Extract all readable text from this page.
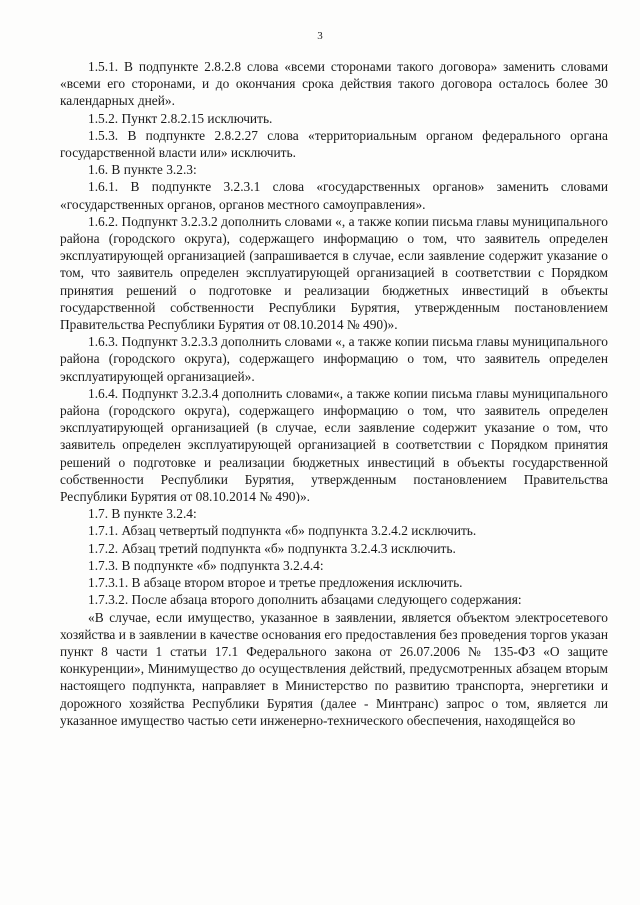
3

1.5.1. В подпункте 2.8.2.8 слова «всеми сторонами такого договора» заменить словами «всеми его сторонами, и до окончания срока действия такого договора осталось более 30 календарных дней».

1.5.2. Пункт 2.8.2.15 исключить.

1.5.3. В подпункте 2.8.2.27 слова «территориальным органом федерального органа государственной власти или» исключить.

1.6. В пункте 3.2.3:

1.6.1. В подпункте 3.2.3.1 слова «государственных органов» заменить словами «государственных органов, органов местного самоуправления».

1.6.2. Подпункт 3.2.3.2 дополнить словами «, а также копии письма главы муниципального района (городского округа), содержащего информацию о том, что заявитель определен эксплуатирующей организацией (запрашивается в случае, если заявление содержит указание о том, что заявитель определен эксплуатирующей организацией в соответствии с Порядком принятия решений о подготовке и реализации бюджетных инвестиций в объекты государственной собственности Республики Бурятия, утвержденным постановлением Правительства Республики Бурятия от 08.10.2014 № 490)».

1.6.3. Подпункт 3.2.3.3 дополнить словами «, а также копии письма главы муниципального района (городского округа), содержащего информацию о том, что заявитель определен эксплуатирующей организацией».

1.6.4. Подпункт 3.2.3.4 дополнить словами«, а также копии письма главы муниципального района (городского округа), содержащего информацию о том, что заявитель определен эксплуатирующей организацией (в случае, если заявление содержит указание о том, что заявитель определен эксплуатирующей организацией в соответствии с Порядком принятия решений о подготовке и реализации бюджетных инвестиций в объекты государственной собственности Республики Бурятия, утвержденным постановлением Правительства Республики Бурятия от 08.10.2014 № 490)».

1.7. В пункте 3.2.4:

1.7.1. Абзац четвертый подпункта «б» подпункта 3.2.4.2 исключить.

1.7.2. Абзац третий подпункта «б» подпункта 3.2.4.3 исключить.

1.7.3. В подпункте «б» подпункта 3.2.4.4:

1.7.3.1. В абзаце втором второе и третье предложения исключить.

1.7.3.2. После абзаца второго дополнить абзацами следующего содержания:

«В случае, если имущество, указанное в заявлении, является объектом электросетевого хозяйства и в заявлении в качестве основания его предоставления без проведения торгов указан пункт 8 части 1 статьи 17.1 Федерального закона от 26.07.2006 № 135-ФЗ «О защите конкуренции», Минимущество до осуществления действий, предусмотренных абзацем вторым настоящего подпункта, направляет в Министерство по развитию транспорта, энергетики и дорожного хозяйства Республики Бурятия (далее - Минтранс) запрос о том, является ли указанное имущество частью сети инженерно-технического обеспечения, находящейся во
